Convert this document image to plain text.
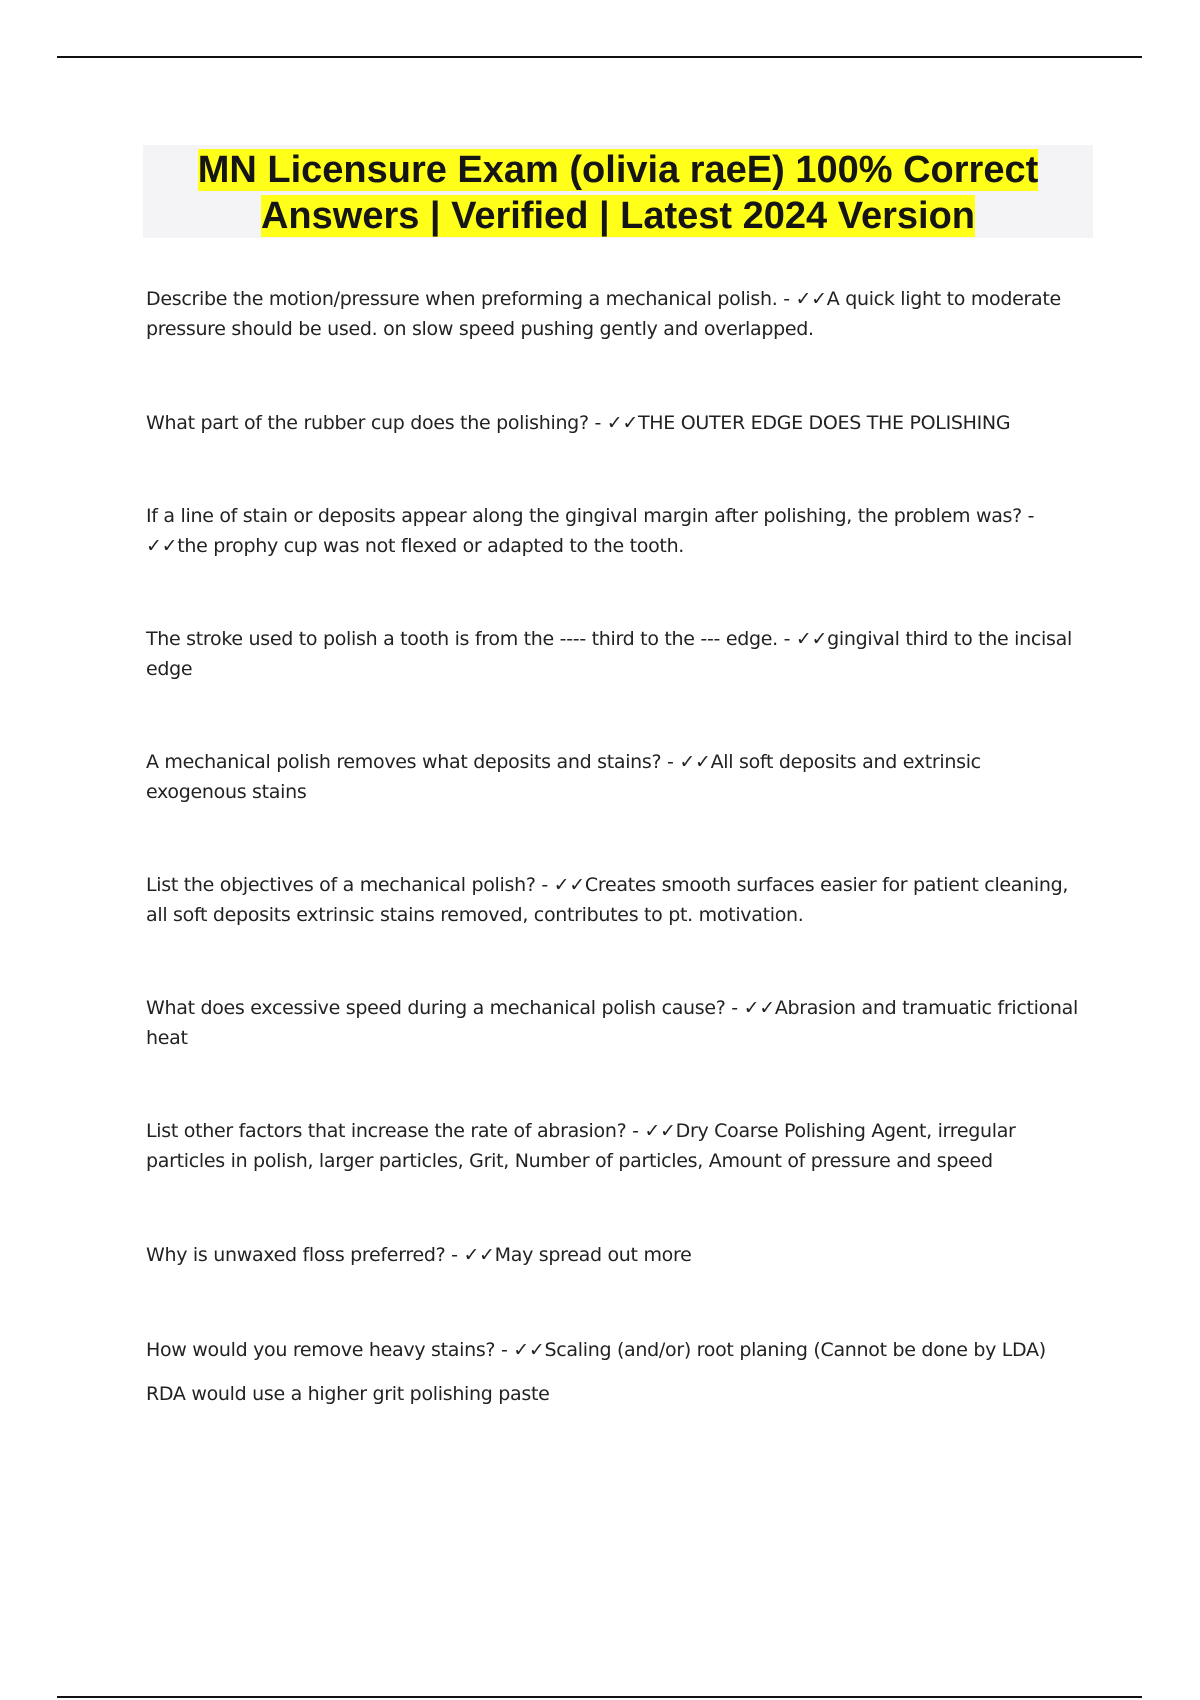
MN Licensure Exam (olivia raeE) 100% Correct Answers | Verified | Latest 2024 Version

Describe the motion/pressure when preforming a mechanical polish. - ✓✓A quick light to moderate pressure should be used. on slow speed pushing gently and overlapped.

What part of the rubber cup does the polishing? - ✓✓THE OUTER EDGE DOES THE POLISHING

If a line of stain or deposits appear along the gingival margin after polishing, the problem was? - ✓✓the prophy cup was not flexed or adapted to the tooth.

The stroke used to polish a tooth is from the ---- third to the --- edge. - ✓✓gingival third to the incisal edge

A mechanical polish removes what deposits and stains? - ✓✓All soft deposits and extrinsic exogenous stains

List the objectives of a mechanical polish? - ✓✓Creates smooth surfaces easier for patient cleaning, all soft deposits extrinsic stains removed, contributes to pt. motivation.

What does excessive speed during a mechanical polish cause? - ✓✓Abrasion and tramuatic frictional heat

List other factors that increase the rate of abrasion? - ✓✓Dry Coarse Polishing Agent, irregular particles in polish, larger particles, Grit, Number of particles, Amount of pressure and speed

Why is unwaxed floss preferred? - ✓✓May spread out more

How would you remove heavy stains? - ✓✓Scaling (and/or) root planing (Cannot be done by LDA)

RDA would use a higher grit polishing paste
